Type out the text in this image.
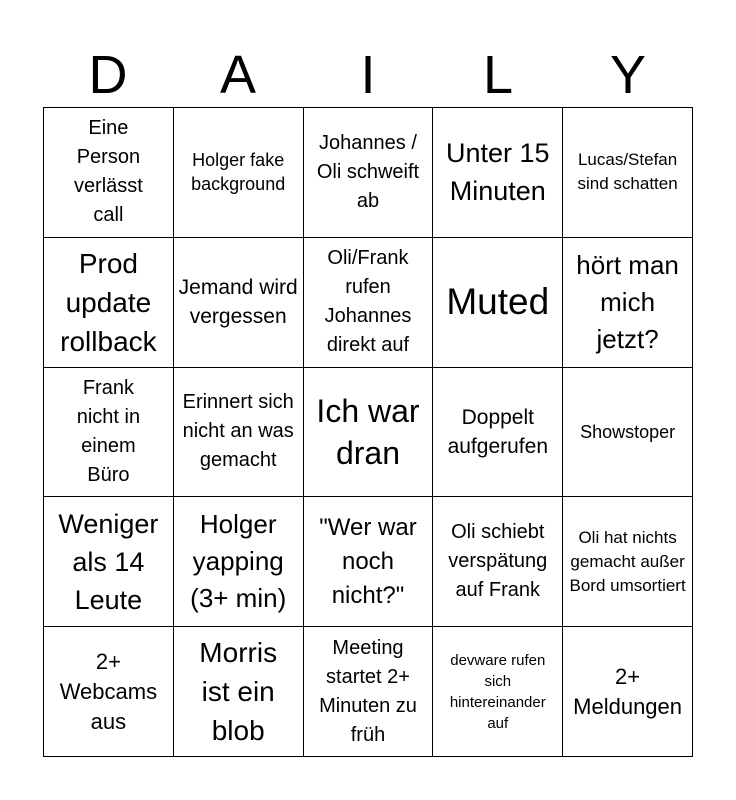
D	A	I	L	Y
Eine Person verlässt call
Holger fake background
Johannes / Oli schweift ab
Unter 15 Minuten
Lucas/Stefan sind schatten
Prod update rollback
Jemand wird vergessen
Oli/Frank rufen Johannes direkt auf
Muted
hört man mich jetzt?
Frank nicht in einem Büro
Erinnert sich nicht an was gemacht
Ich war dran
Doppelt aufgerufen
Showstoper
Weniger als 14 Leute
Holger yapping (3+ min)
"Wer war noch nicht?"
Oli schiebt verspätung auf Frank
Oli hat nichts gemacht außer Bord umsortiert
2+ Webcams aus
Morris ist ein blob
Meeting startet 2+ Minuten zu früh
devware rufen sich hintereinander auf
2+ Meldungen
